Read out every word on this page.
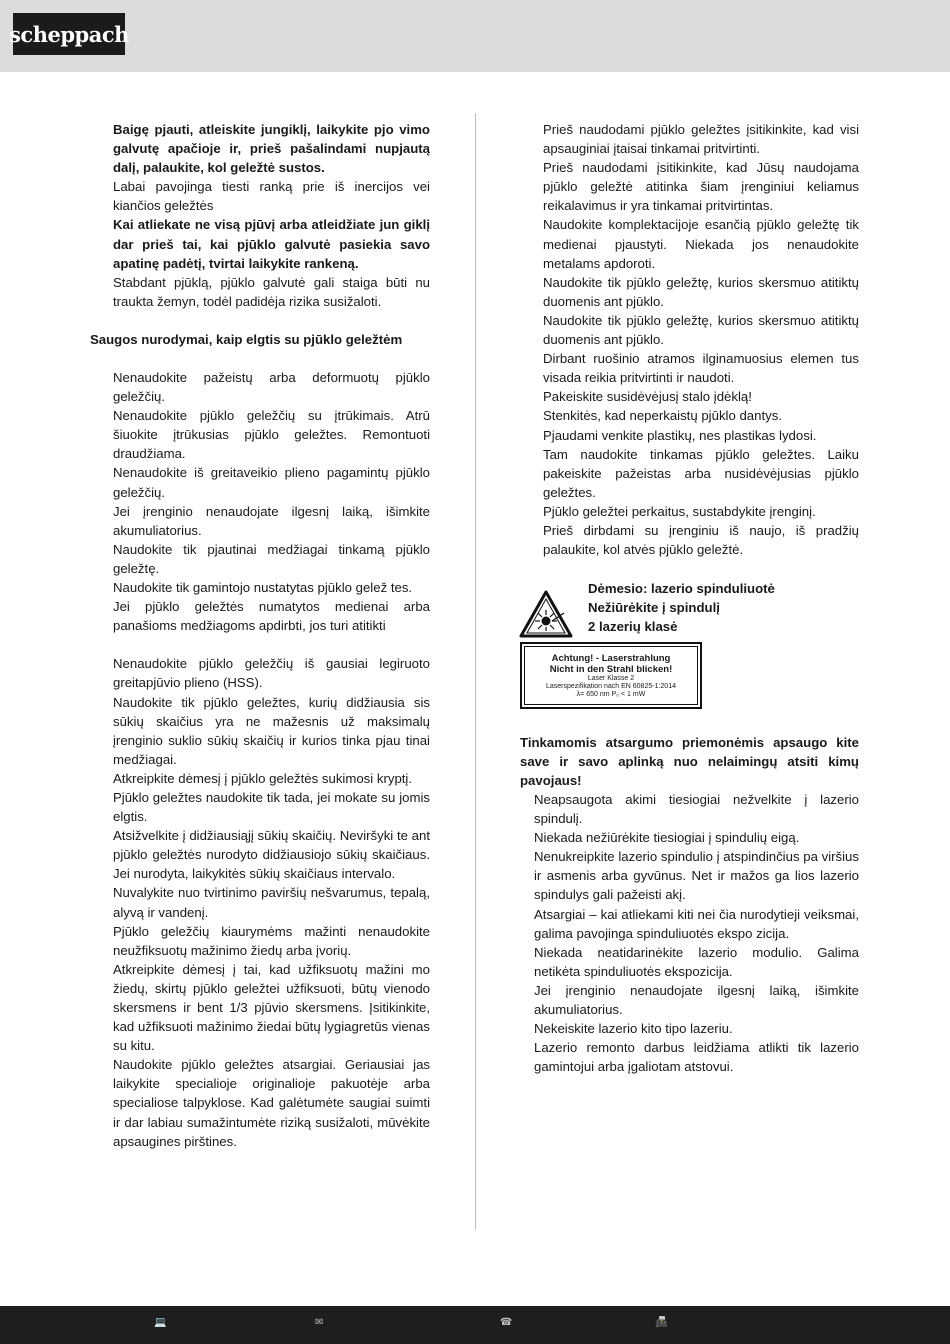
scheppach

Baigę pjauti, atleiskite jungiklį, laikykite pjo vimo galvutę apačioje ir, prieš pašalindami nupjautą dalį, palaukite, kol geležtė sustos.

Labai pavojinga tiesti ranką prie iš inercijos vei kiančios geležtės

Kai atliekate ne visą pjūvį arba atleidžiate jun giklį dar prieš tai, kai pjūklo galvutė pasiekia savo apatinę padėtį, tvirtai laikykite rankeną.

Stabdant pjūklą, pjūklo galvutė gali staiga būti nu traukta žemyn, todėl padidėja rizika susižaloti.

Saugos nurodymai, kaip elgtis su pjūklo geležtėm

Nenaudokite pažeistų arba deformuotų pjūklo geležčių.

Nenaudokite pjūklo geležčių su įtrūkimais. Atrū šiuokite įtrūkusias pjūklo geležtes. Remontuoti draudžiama.

Nenaudokite iš greitaveikio plieno pagamintų pjūklo geležčių.

Jei įrenginio nenaudojate ilgesnį laiką, išimkite akumuliatorius.

Naudokite tik pjautinai medžiagai tinkamą pjūklo geležtę.

Naudokite tik gamintojo nustatytas pjūklo gelež tes.

Jei pjūklo geležtės numatytos medienai arba panašioms medžiagoms apdirbti, jos turi atitikti

Nenaudokite pjūklo geležčių iš gausiai legiruoto greitapjūvio plieno (HSS).

Naudokite tik pjūklo geležtes, kurių didžiausia sis sūkių skaičius yra ne mažesnis už maksimalų įrenginio suklio sūkių skaičių ir kurios tinka pjau tinai medžiagai.

Atkreipkite dėmesį į pjūklo geležtės sukimosi kryptį.

Pjūklo geležtes naudokite tik tada, jei mokate su jomis elgtis.

Atsižvelkite į didžiausiąjį sūkių skaičių. Neviršyki te ant pjūklo geležtės nurodyto didžiausiojo sūkių skaičiaus. Jei nurodyta, laikykitės sūkių skaičiaus intervalo.

Nuvalykite nuo tvirtinimo paviršių nešvarumus, tepalą, alyvą ir vandenį.

Pjūklo geležčių kiaurymėms mažinti nenaudokite neužfiksuotų mažinimo žiedų arba įvorių.

Atkreipkite dėmesį į tai, kad užfiksuotų mažini mo žiedų, skirtų pjūklo geležtei užfiksuoti, būtų vienodo skersmens ir bent 1/3 pjūvio skersmens. Įsitikinkite, kad užfiksuoti mažinimo žiedai būtų lygiagretūs vienas su kitu.

Naudokite pjūklo geležtes atsargiai. Geriausiai jas laikykite specialioje originalioje pakuotėje arba specialiose talpyklose. Kad galėtumėte saugiai suimti ir dar labiau sumažintumėte riziką susižaloti, mūvėkite apsaugines pirštines.

Prieš naudodami pjūklo geležtes įsitikinkite, kad visi apsauginiai įtaisai tinkamai pritvirtinti.

Prieš naudodami įsitikinkite, kad Jūsų naudojama pjūklo geležtė atitinka šiam įrenginiui keliamus reikalavimus ir yra tinkamai pritvirtintas.

Naudokite komplektacijoje esančią pjūklo geležtę tik medienai pjaustyti. Niekada jos nenaudokite metalams apdoroti.

Naudokite tik pjūklo geležtę, kurios skersmuo atitiktų duomenis ant pjūklo.

Naudokite tik pjūklo geležtę, kurios skersmuo atitiktų duomenis ant pjūklo.

Dirbant ruošinio atramos ilginamuosius elemen tus visada reikia pritvirtinti ir naudoti.

Pakeiskite susidėvėjusį stalo įdėklą!

Stenkitės, kad neperkaistų pjūklo dantys.

Pjaudami venkite plastikų, nes plastikas lydosi.

Tam naudokite tinkamas pjūklo geležtes. Laiku pakeiskite pažeistas arba nusidėvėjusias pjūklo geležtes.

Pjūklo geležtei perkaitus, sustabdykite įrenginį.

Prieš dirbdami su įrenginiu iš naujo, iš pradžių palaukite, kol atvės pjūklo geležtė.

Dėmesio: lazerio spinduliuotė
Nežiūrėkite į spindulį
2 lazerių klasė
Achtung! - Laserstrahlung
Nicht in den Strahl blicken!
Laser Klasse 2
Laserspezifikation nach EN 60825-1:2014
λ= 650 nm P₀ < 1 mW
Tinkamomis atsargumo priemonėmis apsaugo kite save ir savo aplinką nuo nelaimingų atsiti kimų pavojaus!

Neapsaugota akimi tiesiogiai nežvelkite į lazerio spindulį.

Niekada nežiūrėkite tiesiogiai į spindulių eigą.

Nenukreipkite lazerio spindulio į atspindinčius pa viršius ir asmenis arba gyvūnus. Net ir mažos ga lios lazerio spindulys gali pažeisti akį.

Atsargiai – kai atliekami kiti nei čia nurodytieji veiksmai, galima pavojinga spinduliuotės ekspo zicija.

Niekada neatidarinėkite lazerio modulio. Galima netikėta spinduliuotės ekspozicija.

Jei įrenginio nenaudojate ilgesnį laiką, išimkite akumuliatorius.

Nekeiskite lazerio kito tipo lazeriu.

Lazerio remonto darbus leidžiama atlikti tik lazerio gamintojui arba įgaliotam atstovui.

💻	✉	☎	📠
